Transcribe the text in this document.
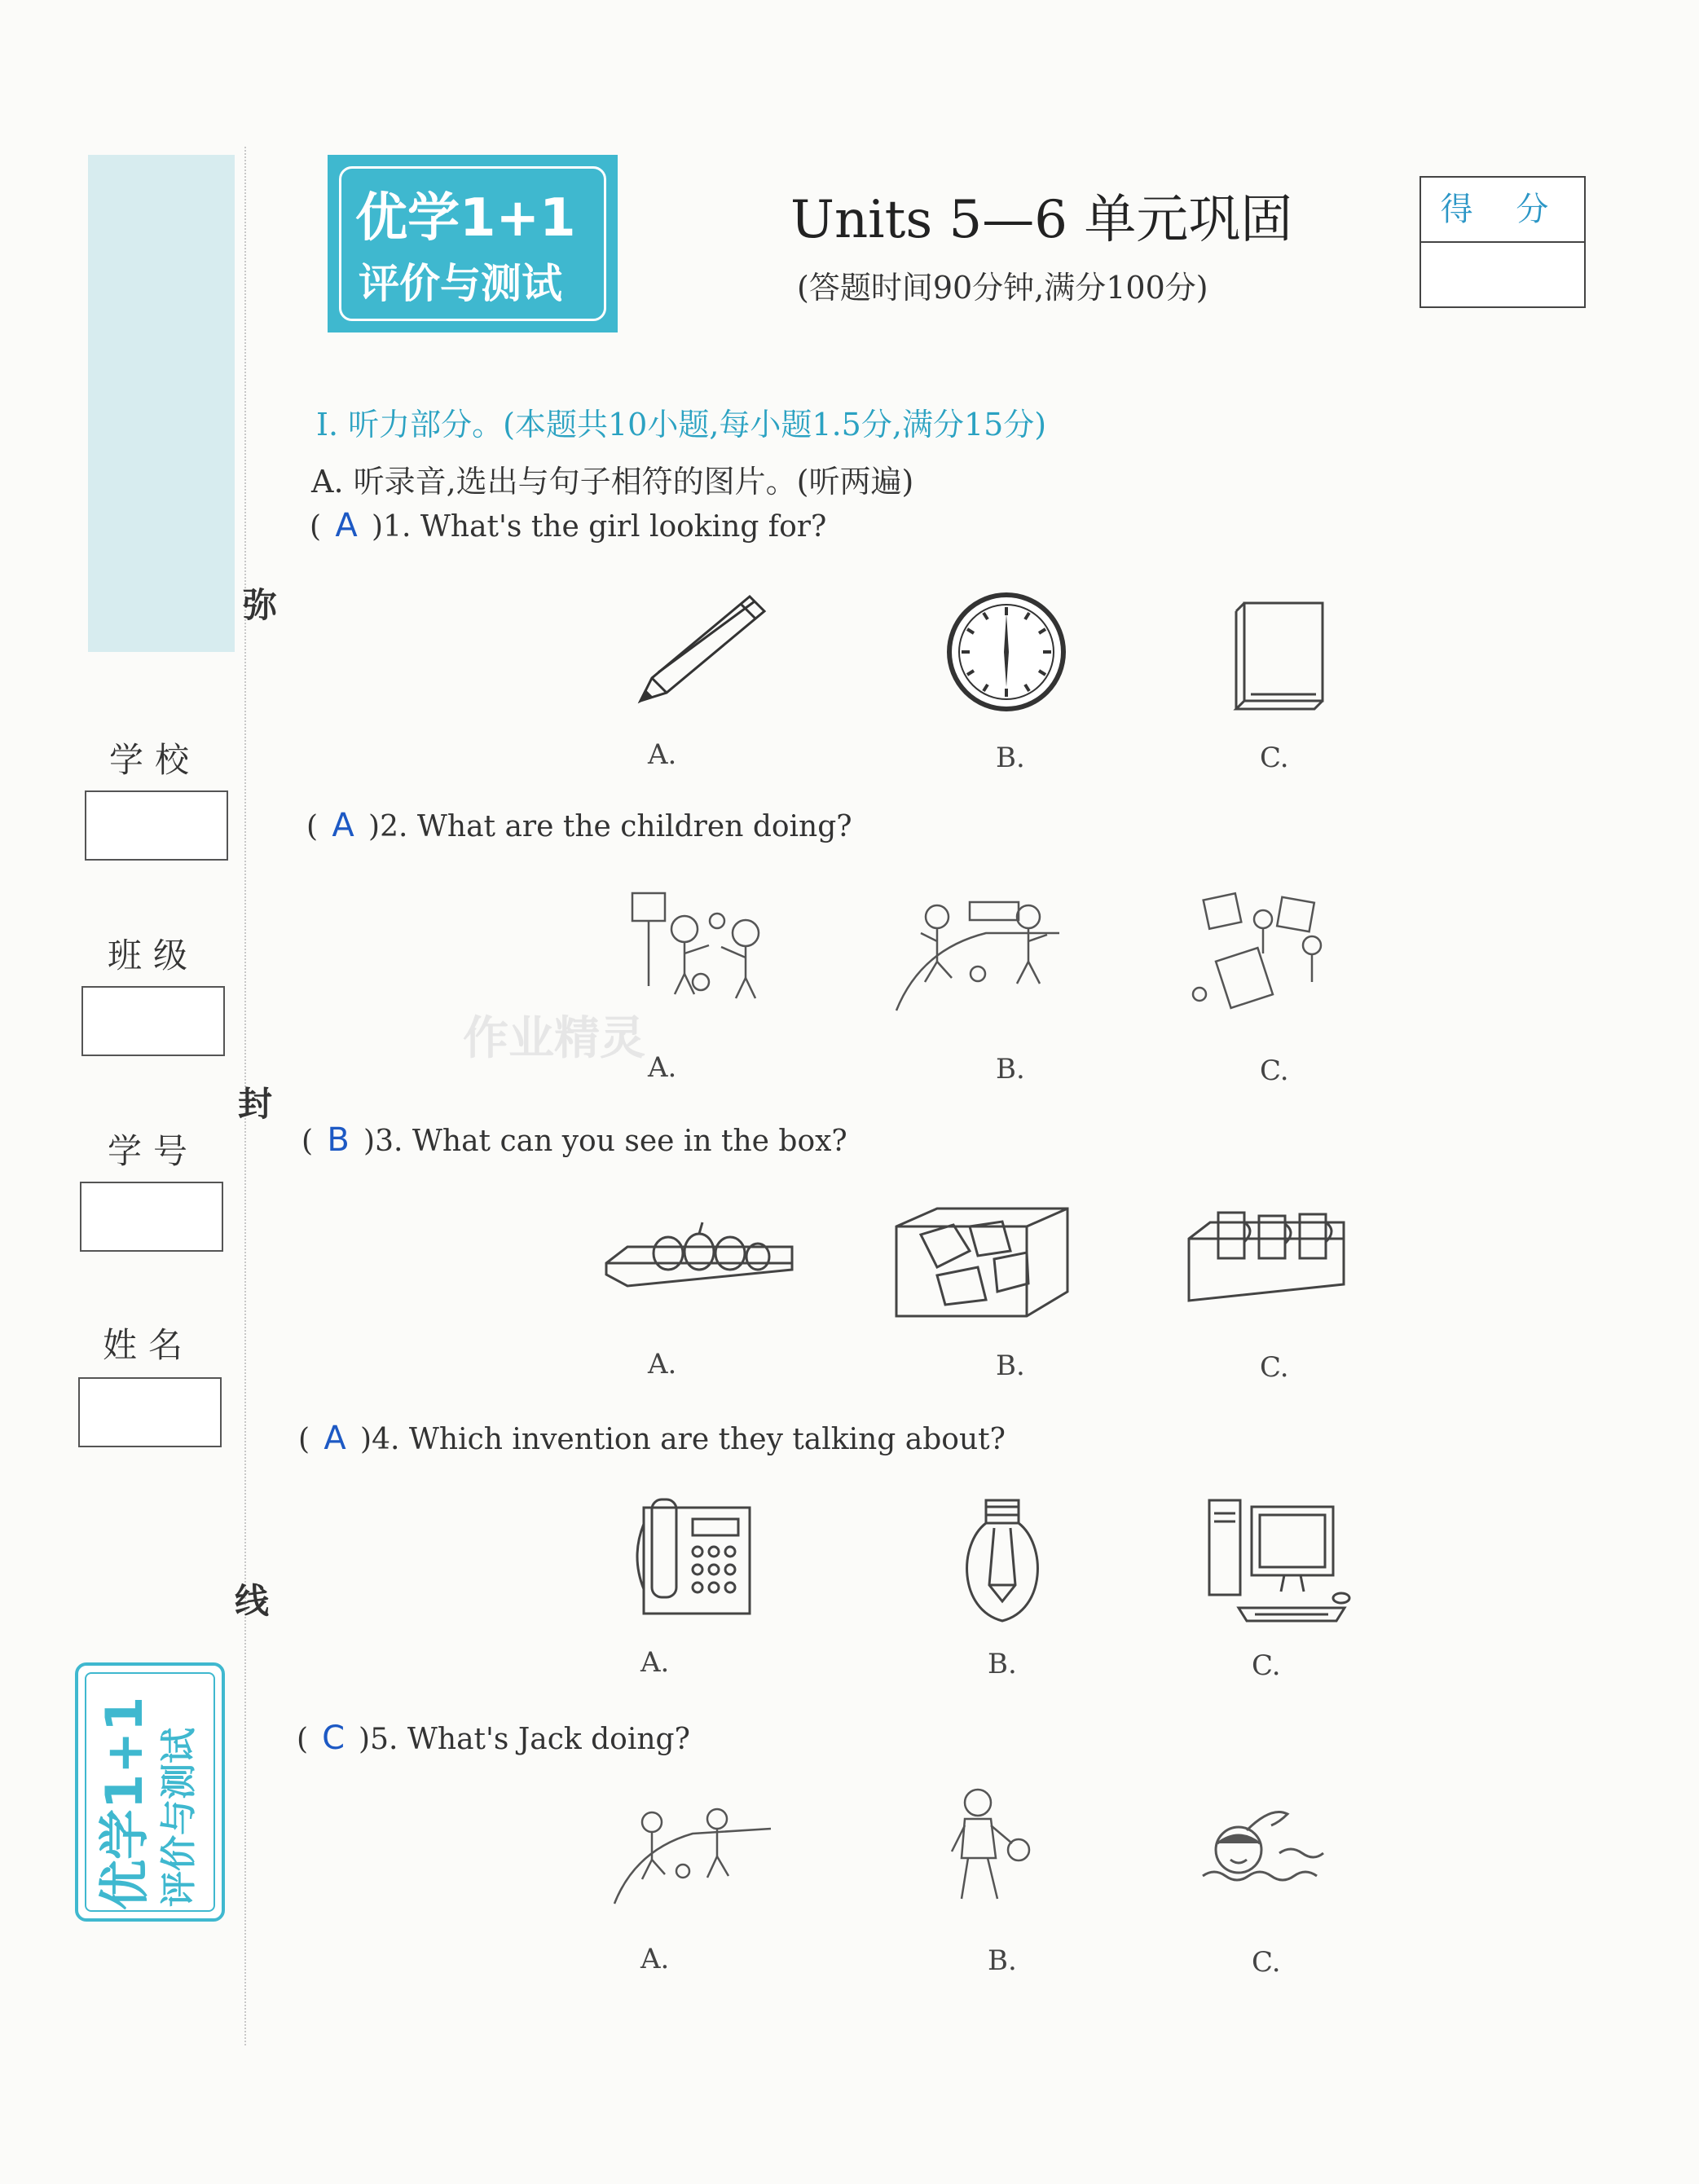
学校
班级
学号
姓名
弥
封
线
优学1+1 评价与测试
优学1+1
评价与测试
Units 5—6 单元巩固
(答题时间90分钟,满分100分)
得 分
Ⅰ. 听力部分。(本题共10小题,每小题1.5分,满分15分)
A. 听录音,选出与句子相符的图片。(听两遍)
( A )1. What's the girl looking for?
A.	B.	C.
( A )2. What are the children doing?
A.	B.	C.
( B )3. What can you see in the box?
A.	B.	C.
( A )4. Which invention are they talking about?
A.	B.	C.
( C )5. What's Jack doing?
A.	B.	C.
作业精灵
